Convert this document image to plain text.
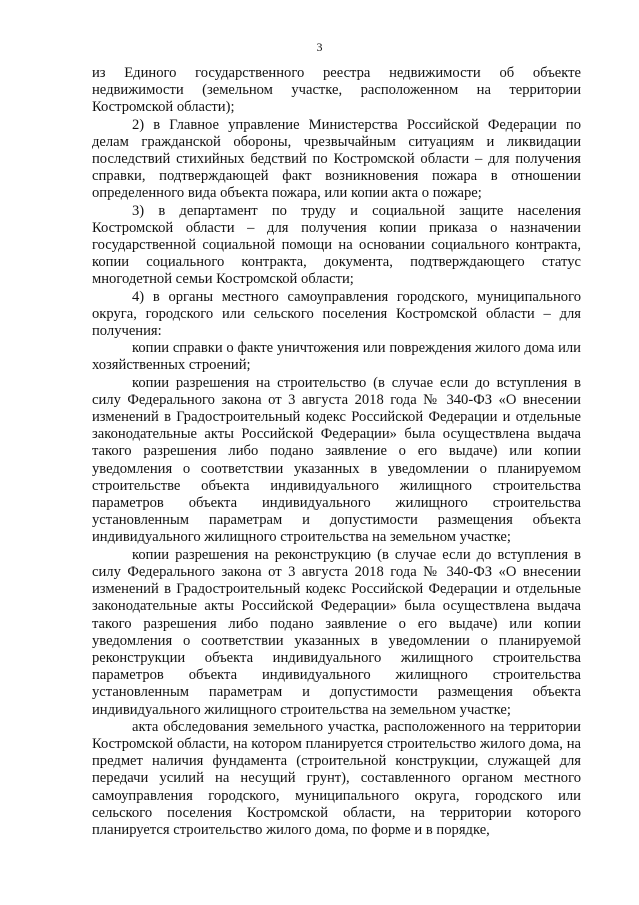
3

из Единого государственного реестра недвижимости об объекте недвижимости (земельном участке, расположенном на территории Костромской области);

2) в Главное управление Министерства Российской Федерации по делам гражданской обороны, чрезвычайным ситуациям и ликвидации последствий стихийных бедствий по Костромской области – для получения справки, подтверждающей факт возникновения пожара в отношении определенного вида объекта пожара, или копии акта о пожаре;

3) в департамент по труду и социальной защите населения Костромской области – для получения копии приказа о назначении государственной социальной помощи на основании социального контракта, копии социального контракта, документа, подтверждающего статус многодетной семьи Костромской области;

4) в органы местного самоуправления городского, муниципального округа, городского или сельского поселения Костромской области – для получения:

копии справки о факте уничтожения или повреждения жилого дома или хозяйственных строений;

копии разрешения на строительство (в случае если до вступления в силу Федерального закона от 3 августа 2018 года № 340-ФЗ «О внесении изменений в Градостроительный кодекс Российской Федерации и отдельные законодательные акты Российской Федерации» была осуществлена выдача такого разрешения либо подано заявление о его выдаче) или копии уведомления о соответствии указанных в уведомлении о планируемом строительстве объекта индивидуального жилищного строительства параметров объекта индивидуального жилищного строительства установленным параметрам и допустимости размещения объекта индивидуального жилищного строительства на земельном участке;

копии разрешения на реконструкцию (в случае если до вступления в силу Федерального закона от 3 августа 2018 года № 340-ФЗ «О внесении изменений в Градостроительный кодекс Российской Федерации и отдельные законодательные акты Российской Федерации» была осуществлена выдача такого разрешения либо подано заявление о его выдаче) или копии уведомления о соответствии указанных в уведомлении о планируемой реконструкции объекта индивидуального жилищного строительства параметров объекта индивидуального жилищного строительства установленным параметрам и допустимости размещения объекта индивидуального жилищного строительства на земельном участке;

акта обследования земельного участка, расположенного на территории Костромской области, на котором планируется строительство жилого дома, на предмет наличия фундамента (строительной конструкции, служащей для передачи усилий на несущий грунт), составленного органом местного самоуправления городского, муниципального округа, городского или сельского поселения Костромской области, на территории которого планируется строительство жилого дома, по форме и в порядке,
